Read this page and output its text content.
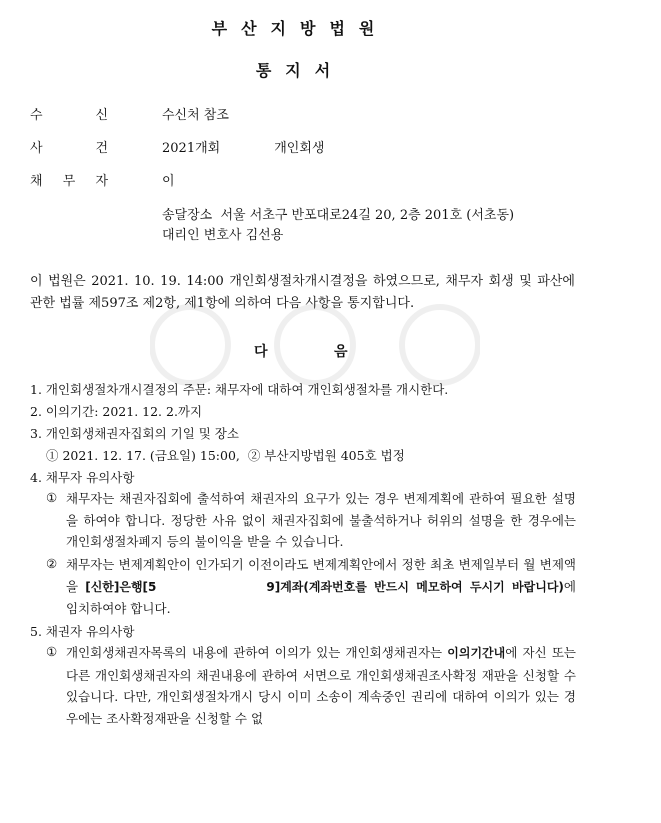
부산지방법원
통지서
수	신	수신처 참조
사	건	2021개회	개인회생
채 무 자	이
송달장소  서울 서초구 반포대로24길 20, 2층 201호 (서초동)
대리인 변호사 김선용
이 법원은 2021. 10. 19. 14:00 개인회생절차개시결정을 하였으므로, 채무자 회생 및 파산에 관한 법률 제597조 제2항, 제1항에 의하여 다음 사항을 통지합니다.
다	음
1. 개인회생절차개시결정의 주문: 채무자에 대하여 개인회생절차를 개시한다.
2. 이의기간: 2021. 12. 2.까지
3. 개인회생채권자집회의 기일 및 장소
① 2021. 12. 17. (금요일) 15:00,  ② 부산지방법원 405호 법정
4. 채무자 유의사항
① 채무자는 채권자집회에 출석하여 채권자의 요구가 있는 경우 변제계획에 관하여 필요한 설명을 하여야 합니다. 정당한 사유 없이 채권자집회에 불출석하거나 허위의 설명을 한 경우에는 개인회생절차폐지 등의 불이익을 받을 수 있습니다.
② 채무자는 변제계획안이 인가되기 이전이라도 변제계획안에서 정한 최초 변제일부터 월 변제액을 [신한]은행[5	9]계좌(계좌번호를 반드시 메모하여 두시기 바랍니다)에 임치하여야 합니다.
5. 채권자 유의사항
① 개인회생채권자목록의 내용에 관하여 이의가 있는 개인회생채권자는 이의기간내에 자신 또는 다른 개인회생채권자의 채권내용에 관하여 서면으로 개인회생채권조사확정 재판을 신청할 수 있습니다. 다만, 개인회생절차개시 당시 이미 소송이 계속중인 권리에 대하여 이의가 있는 경우에는 조사확정재판을 신청할 수 없
